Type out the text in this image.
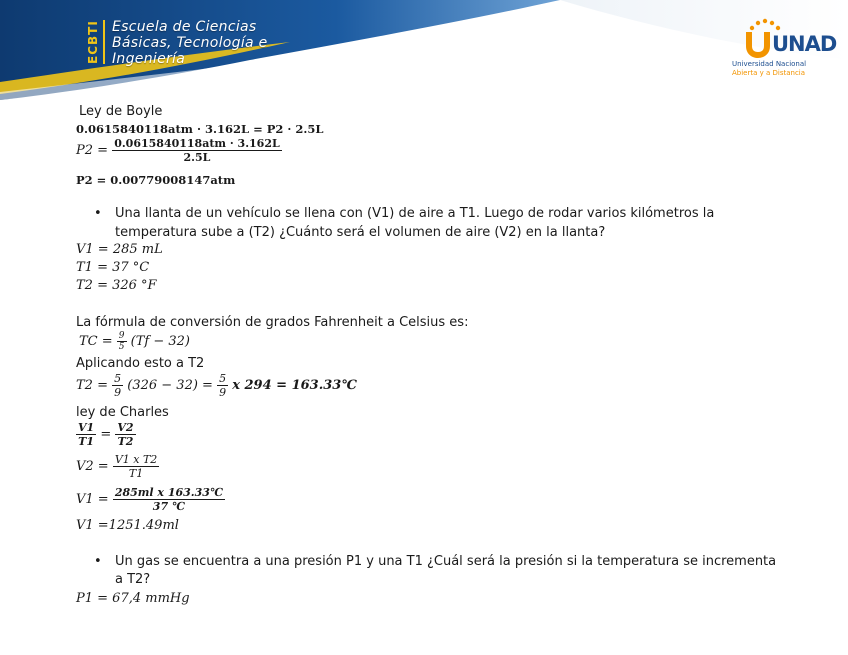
Escuela de Ciencias
Básicas, Tecnología e
Ingeniería
UNAD
Universidad Nacional
Abierta y a Distancia
Ley de Boyle
0.0615840118atm · 3.162L = P2 · 2.5L
$P2 = \frac{\text{0.0615840118atm · 3.162L}}{2.5L}$
P2 = 0.00779008147atm
• Una llanta de un vehículo se llena con (V1) de aire a T1. Luego de rodar varios kilómetros la
temperatura sube a (T2) ¿Cuánto será el volumen de aire (V2) en la llanta?
V1 = 285 mL
T1 = 37 °C
T2 = 326 °F
La fórmula de conversión de grados Fahrenheit a Celsius es:
TC = $\frac{9}{5} (Tf - 32)$
Aplicando esto a T2
$T2 = \frac{5}{9} (326 - 32) = \frac{5}{9}$ x 294 = 163.33℃
ley de Charles
$\frac{V1}{T1} = \frac{V2}{T2}$
$V2 = \frac{\text{V1 x T2}}{T1}$
$V1 = \frac{\text{285ml x 163.33℃}}{37 ℃}$
V1 =1251.49ml
• Un gas se encuentra a una presión P1 y una T1 ¿Cuál será la presión si la temperatura se incrementa
a T2?
P1 = 67,4 mmHg
